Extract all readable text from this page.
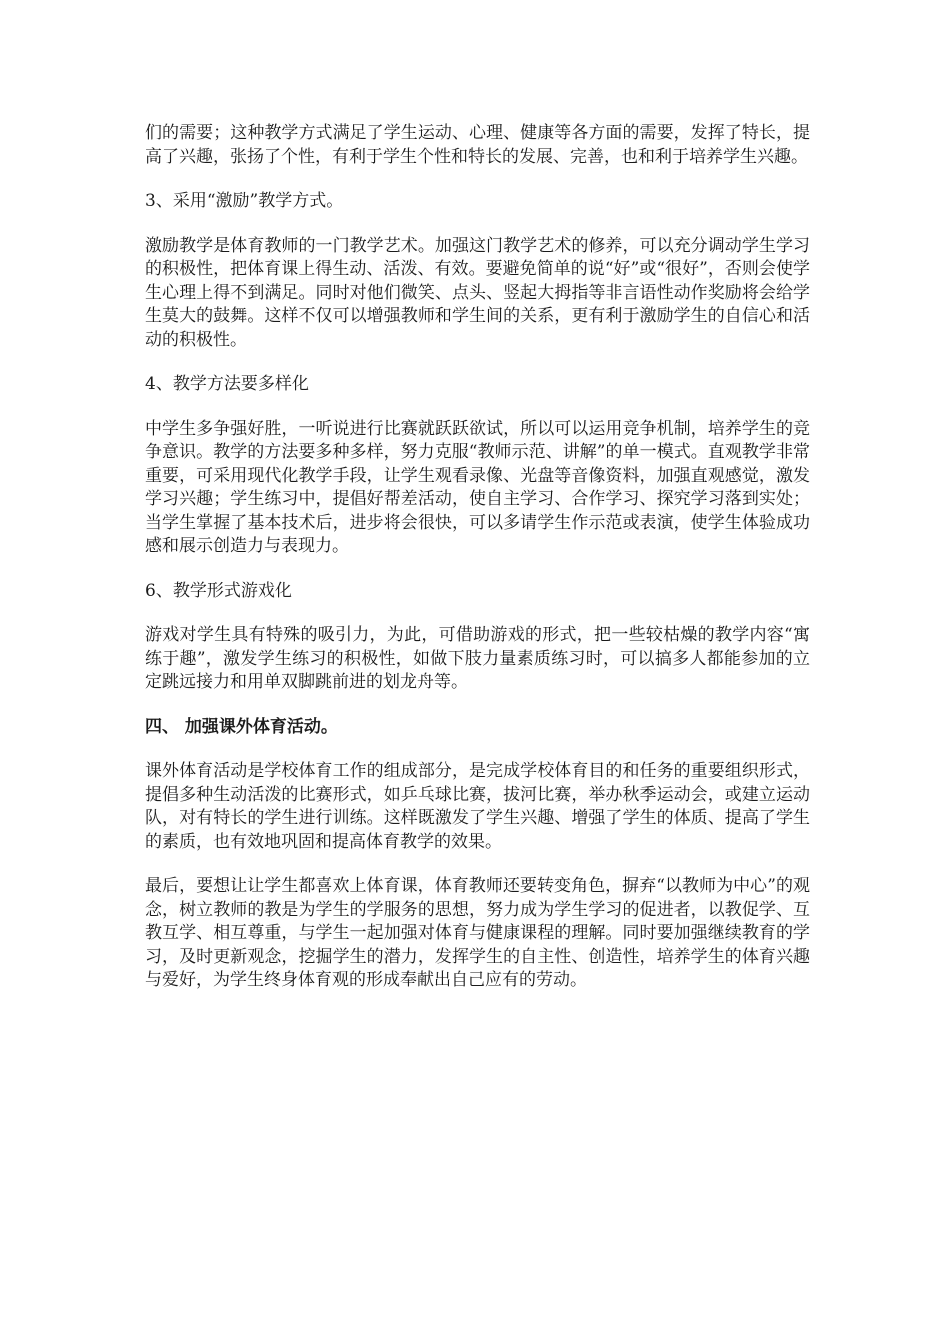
们的需要；这种教学方式满足了学生运动、心理、健康等各方面的需要，发挥了特长，提高了兴趣，张扬了个性，有利于学生个性和特长的发展、完善，也和利于培养学生兴趣。

3、采用“激励”教学方式。

激励教学是体育教师的一门教学艺术。加强这门教学艺术的修养，可以充分调动学生学习的积极性，把体育课上得生动、活泼、有效。要避免简单的说“好”或“很好”，否则会使学生心理上得不到满足。同时对他们微笑、点头、竖起大拇指等非言语性动作奖励将会给学生莫大的鼓舞。这样不仅可以增强教师和学生间的关系，更有利于激励学生的自信心和活动的积极性。

4、教学方法要多样化

中学生多争强好胜，一听说进行比赛就跃跃欲试，所以可以运用竞争机制，培养学生的竞争意识。教学的方法要多种多样，努力克服“教师示范、讲解”的单一模式。直观教学非常重要，可采用现代化教学手段，让学生观看录像、光盘等音像资料，加强直观感觉，激发学习兴趣；学生练习中，提倡好帮差活动，使自主学习、合作学习、探究学习落到实处；当学生掌握了基本技术后，进步将会很快，可以多请学生作示范或表演，使学生体验成功感和展示创造力与表现力。

6、教学形式游戏化

游戏对学生具有特殊的吸引力，为此，可借助游戏的形式，把一些较枯燥的教学内容“寓练于趣”，激发学生练习的积极性，如做下肢力量素质练习时，可以搞多人都能参加的立定跳远接力和用单双脚跳前进的划龙舟等。

四、 加强课外体育活动。

课外体育活动是学校体育工作的组成部分，是完成学校体育目的和任务的重要组织形式，提倡多种生动活泼的比赛形式，如乒乓球比赛，拔河比赛，举办秋季运动会，或建立运动队，对有特长的学生进行训练。这样既激发了学生兴趣、增强了学生的体质、提高了学生的素质，也有效地巩固和提高体育教学的效果。

最后，要想让让学生都喜欢上体育课，体育教师还要转变角色，摒弃“以教师为中心”的观念，树立教师的教是为学生的学服务的思想，努力成为学生学习的促进者，以教促学、互教互学、相互尊重，与学生一起加强对体育与健康课程的理解。同时要加强继续教育的学习，及时更新观念，挖掘学生的潜力，发挥学生的自主性、创造性，培养学生的体育兴趣与爱好，为学生终身体育观的形成奉献出自己应有的劳动。
